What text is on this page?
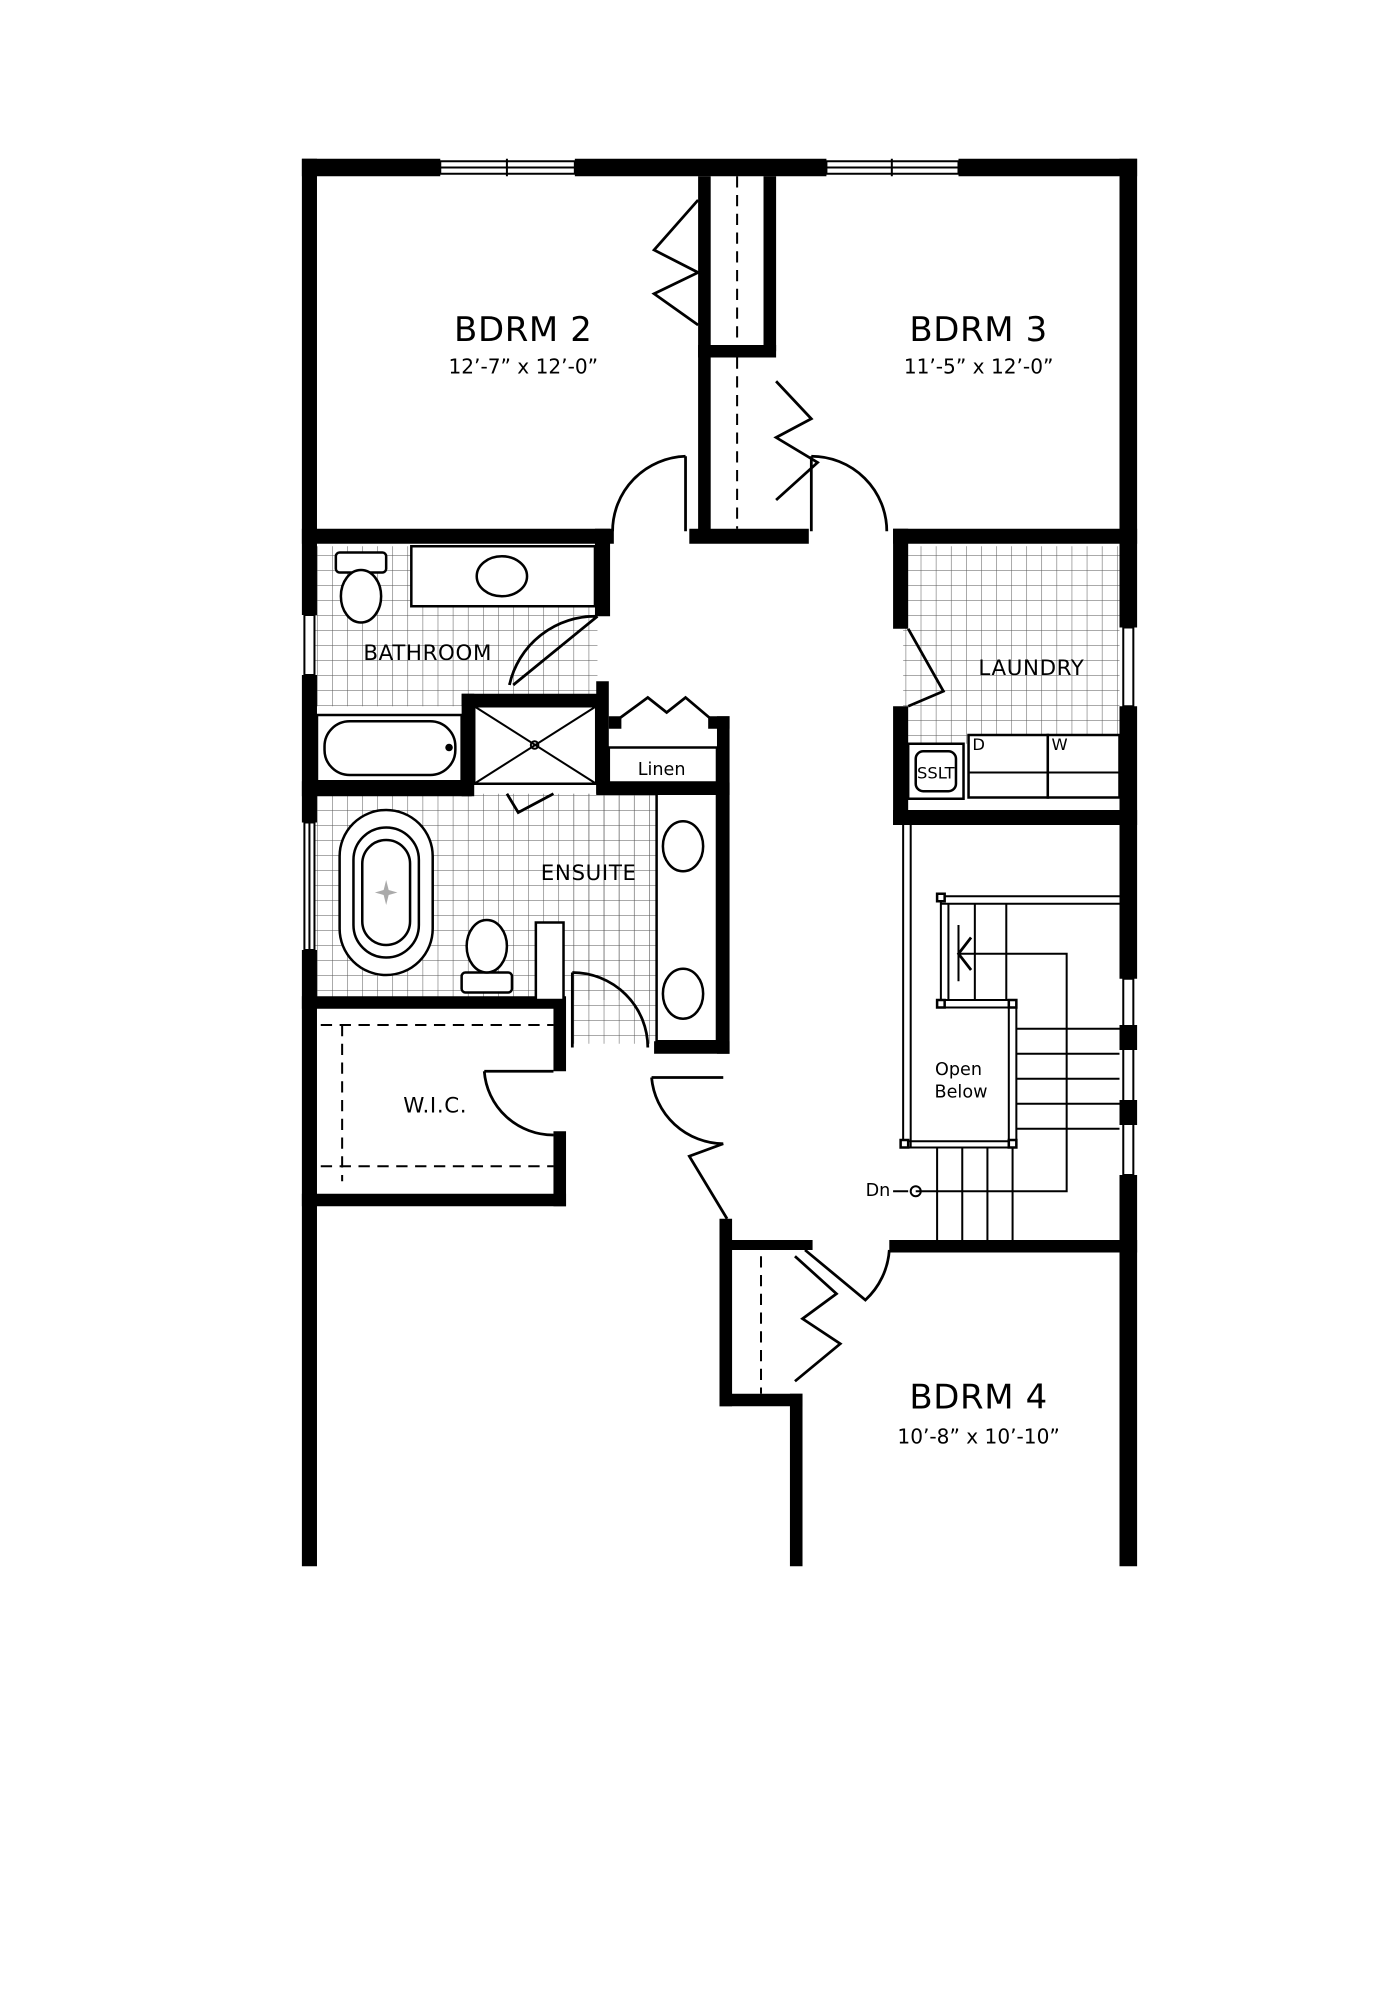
BDRM 2
12’-7” x 12’-0”
BDRM 3
11’-5” x 12’-0”
BDRM 4
10’-8” x 10’-10”
BATHROOM
LAUNDRY
ENSUITE
Linen
W.I.C.
SSLT
D	W
Open
Below
Dn
